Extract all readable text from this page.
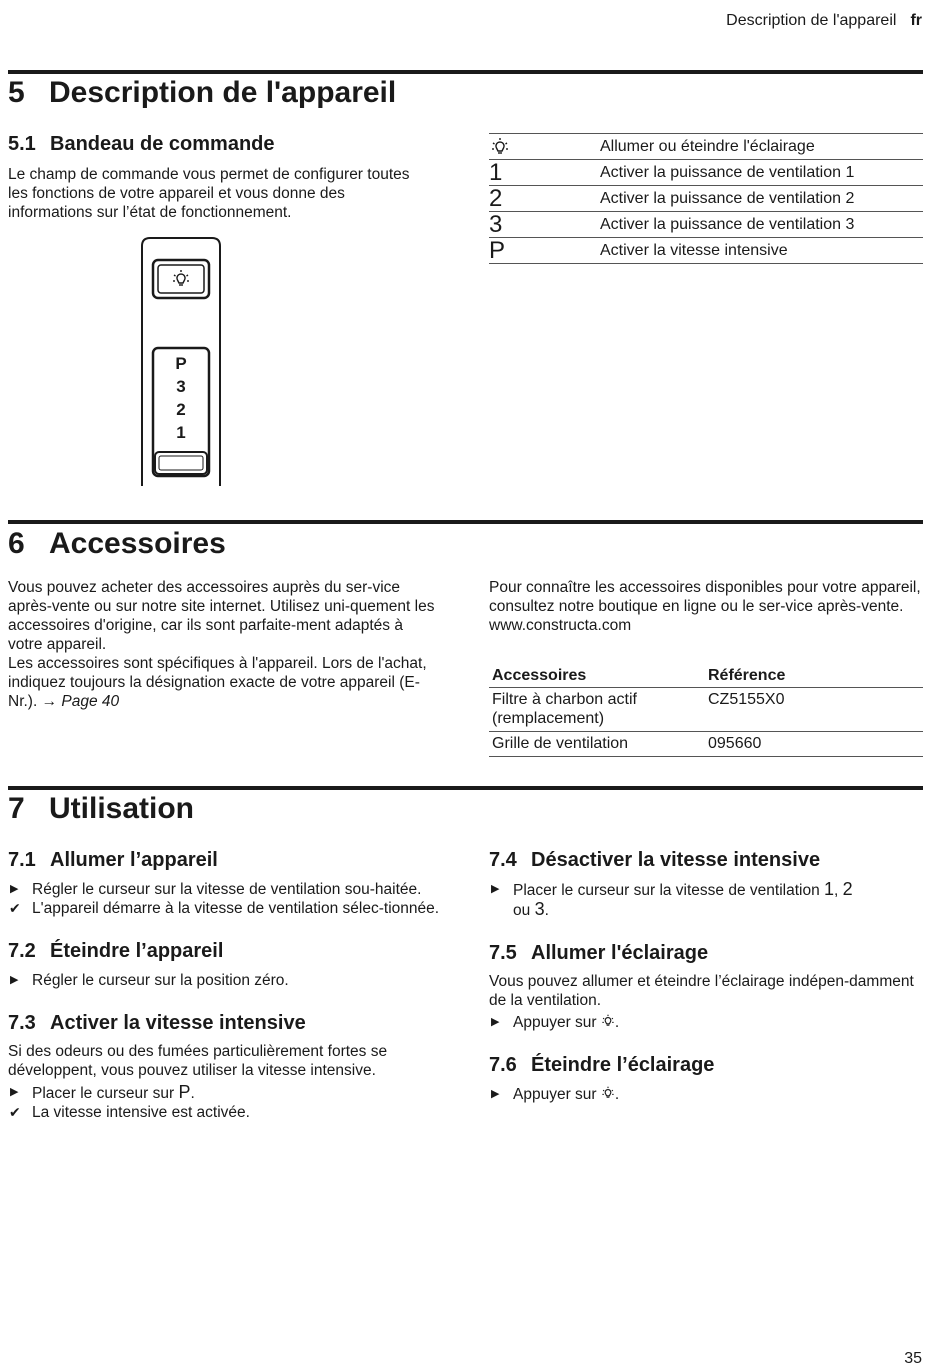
Description de l'appareil fr
5 Description de l'appareil
5.1 Bandeau de commande

Le champ de commande vous permet de configurer toutes les fonctions de votre appareil et vous donne des informations sur l’état de fonctionnement.

P
3
2
1
	Allumer ou éteindre l'éclairage
1	Activer la puissance de ventilation 1
2	Activer la puissance de ventilation 2
3	Activer la puissance de ventilation 3
P	Activer la vitesse intensive
6 Accessoires

Vous pouvez acheter des accessoires auprès du ser-vice après-vente ou sur notre site internet. Utilisez uni-quement les accessoires d'origine, car ils sont parfaite-ment adaptés à votre appareil.

Les accessoires sont spécifiques à l'appareil. Lors de l'achat, indiquez toujours la désignation exacte de votre appareil (E-Nr.). → Page 40

Pour connaître les accessoires disponibles pour votre appareil, consultez notre boutique en ligne ou le ser-vice après-vente.

www.constructa.com

Accessoires	Référence
Filtre à charbon actif (remplacement)	CZ5155X0
Grille de ventilation	095660
7 Utilisation
7.1 Allumer l’appareil

▶ Régler le curseur sur la vitesse de ventilation sou-haitée.

✔ L'appareil démarre à la vitesse de ventilation sélec-tionnée.

7.2 Éteindre l’appareil

▶ Régler le curseur sur la position zéro.

7.3 Activer la vitesse intensive

Si des odeurs ou des fumées particulièrement fortes se développent, vous pouvez utiliser la vitesse intensive.

▶ Placer le curseur sur P.

✔ La vitesse intensive est activée.

7.4 Désactiver la vitesse intensive

▶ Placer le curseur sur la vitesse de ventilation 1, 2
ou 3.

7.5 Allumer l'éclairage

Vous pouvez allumer et éteindre l’éclairage indépen-damment de la ventilation.

▶ Appuyer sur .

7.6 Éteindre l’éclairage

▶ Appuyer sur .

35
